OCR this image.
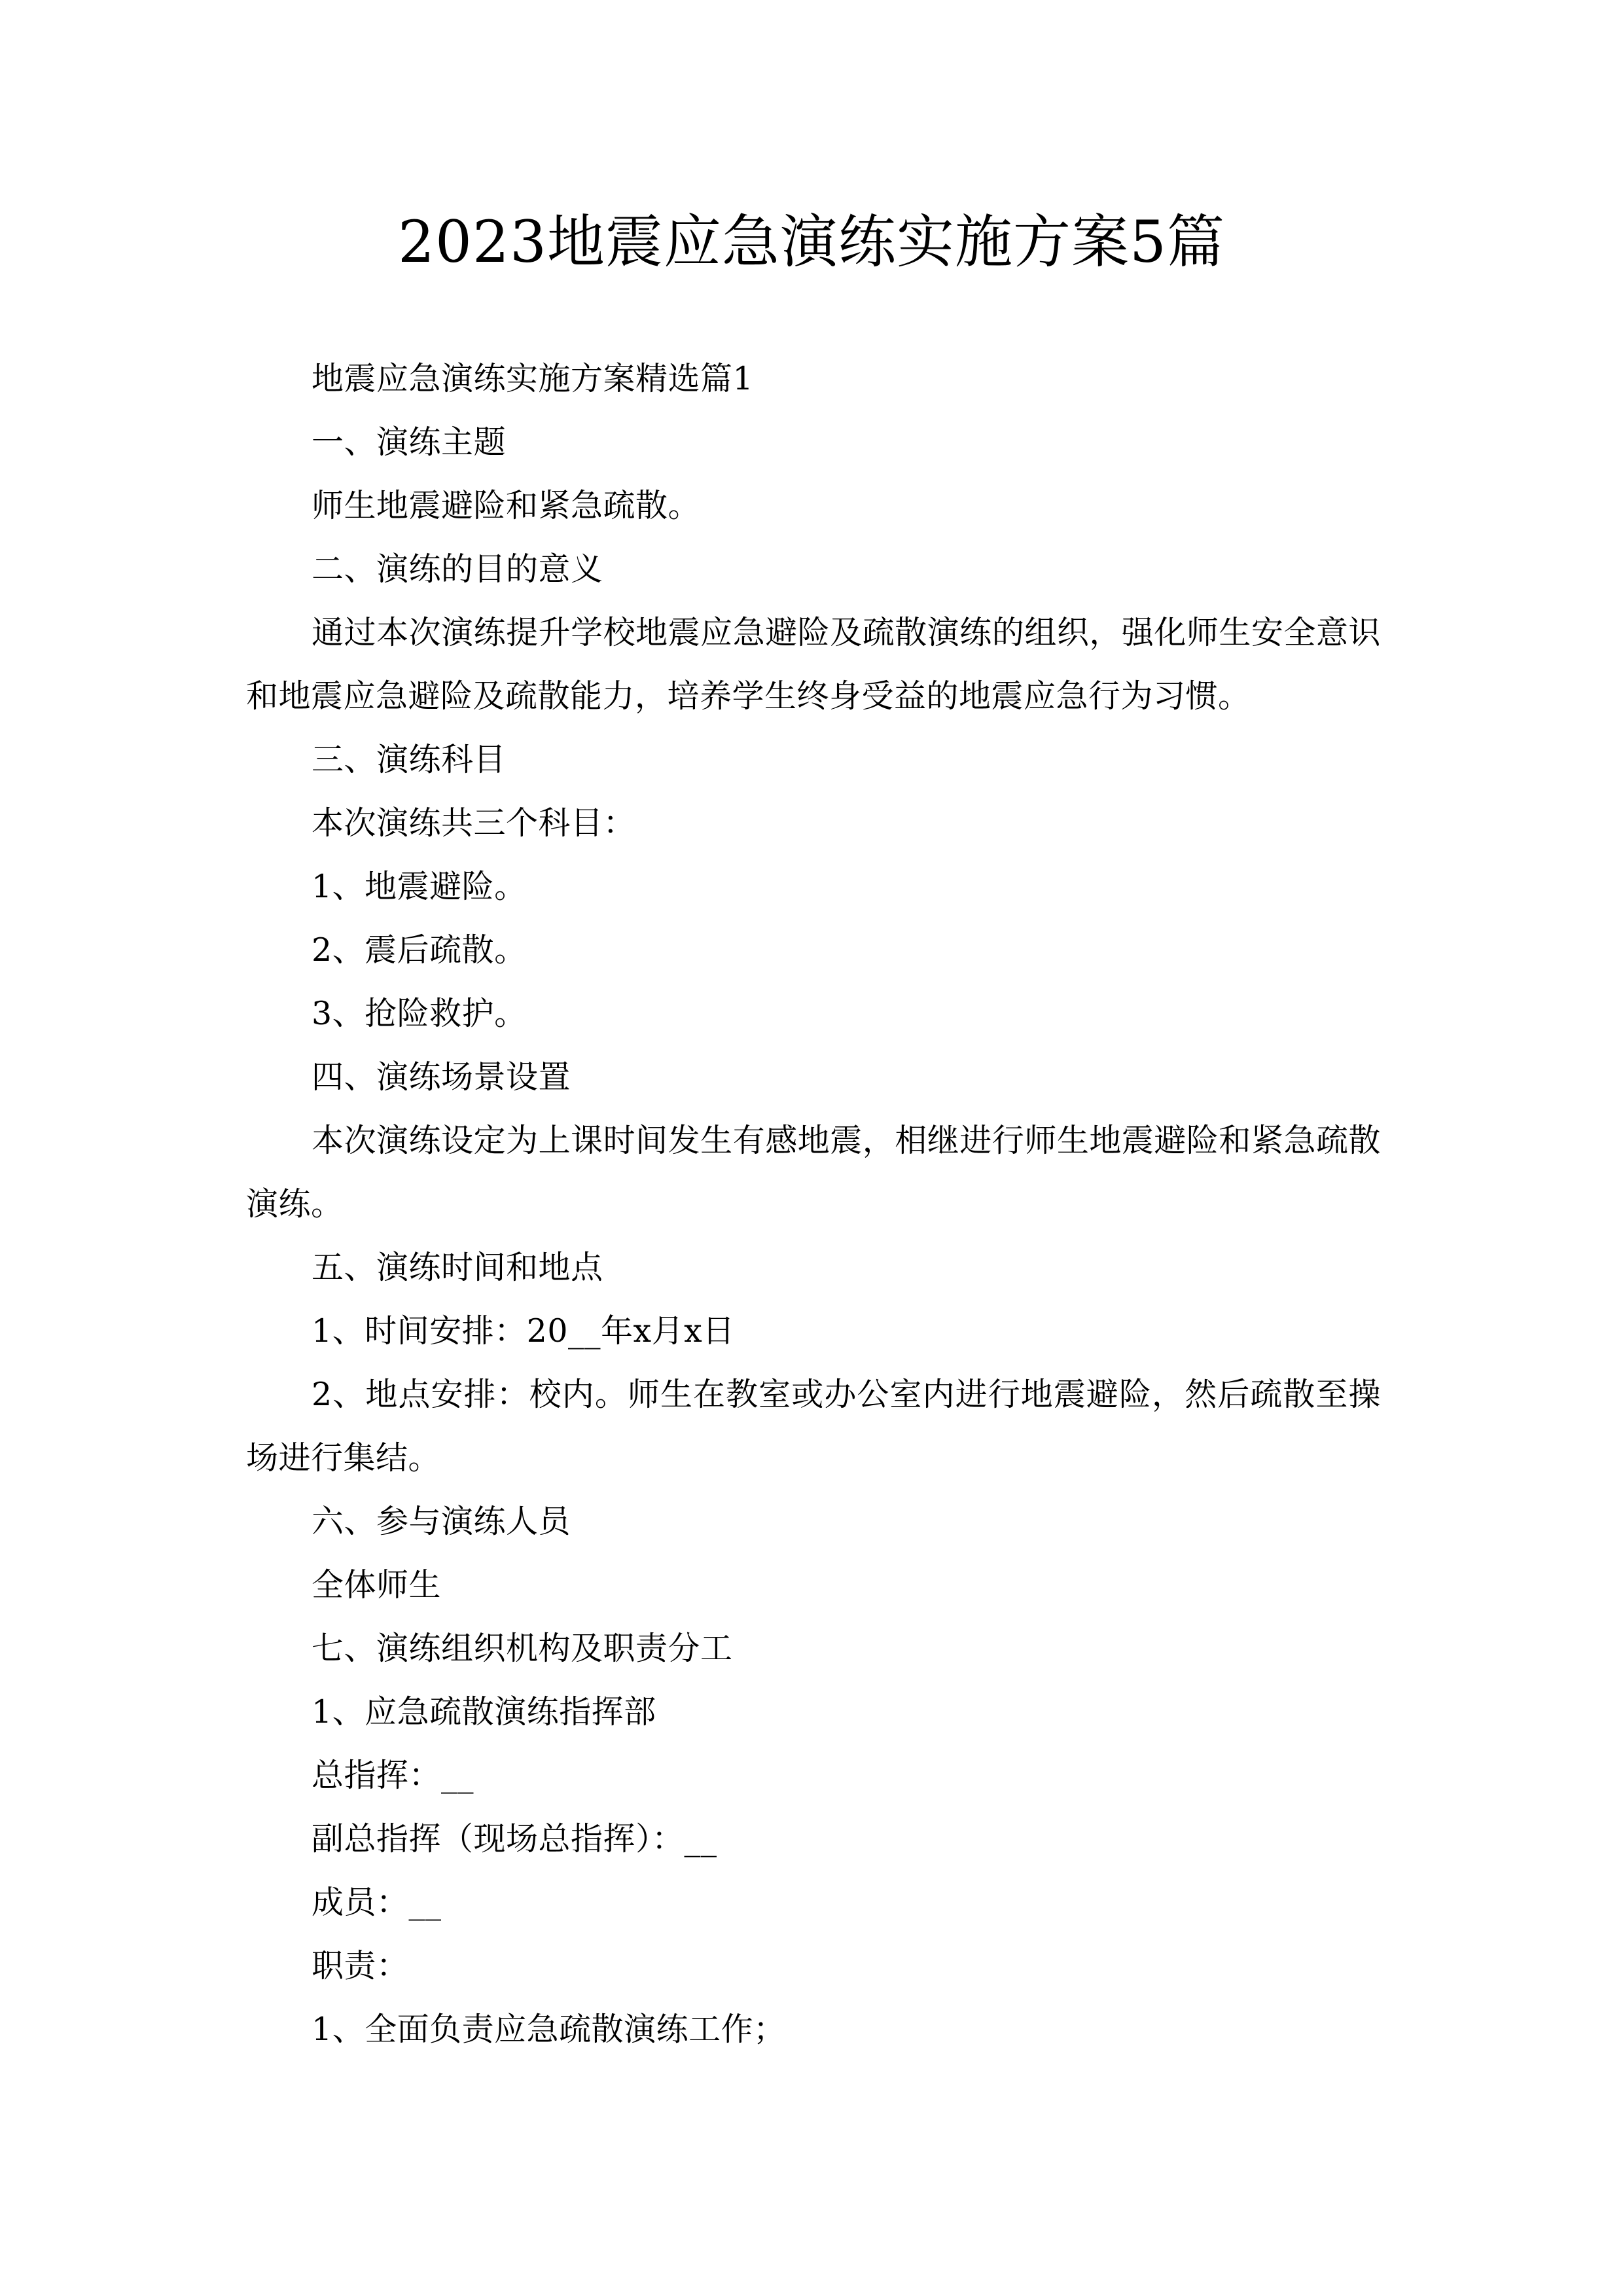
2023地震应急演练实施方案5篇

地震应急演练实施方案精选篇1

一、演练主题

师生地震避险和紧急疏散。

二、演练的目的意义

通过本次演练提升学校地震应急避险及疏散演练的组织，强化师生安全意识和地震应急避险及疏散能力，培养学生终身受益的地震应急行为习惯。

三、演练科目

本次演练共三个科目：

1、地震避险。

2、震后疏散。

3、抢险救护。

四、演练场景设置

本次演练设定为上课时间发生有感地震，相继进行师生地震避险和紧急疏散演练。

五、演练时间和地点

1、时间安排：20__年x月x日

2、地点安排：校内。师生在教室或办公室内进行地震避险，然后疏散至操场进行集结。

六、参与演练人员

全体师生

七、演练组织机构及职责分工

1、应急疏散演练指挥部

总指挥：__

副总指挥（现场总指挥）：__

成员：__

职责：

1、全面负责应急疏散演练工作；
